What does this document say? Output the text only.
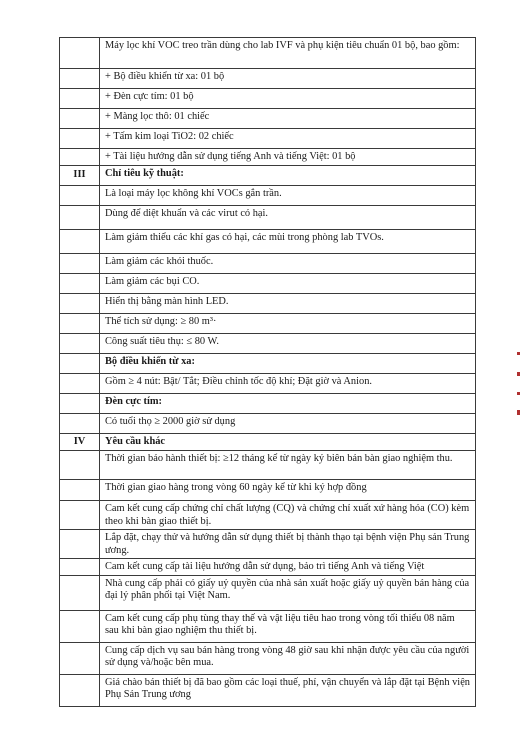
	Máy lọc khí VOC treo trần dùng cho lab IVF và phụ kiện tiêu chuẩn 01 bộ, bao gồm:
	+ Bộ điều khiển từ xa: 01 bộ
	+ Đèn cực tím: 01 bộ
	+ Màng lọc thô: 01 chiếc
	+ Tấm kim loại TiO2: 02 chiếc
	+ Tài liệu hướng dẫn sử dụng tiếng Anh và tiếng Việt: 01 bộ
III	Chỉ tiêu kỹ thuật:
	Là loại máy lọc không khí VOCs gắn trần.
	Dùng để diệt khuẩn và các virut có hại.
	Làm giảm thiểu các khí gas có hại, các mùi trong phòng lab TVOs.
	Làm giảm các khói thuốc.
	Làm giảm các bụi CO.
	Hiển thị bằng màn hình LED.
	Thể tích sử dụng: ≥ 80 m³·
	Công suất tiêu thụ: ≤ 80 W.
	Bộ điều khiển từ xa:
	Gồm ≥ 4 nút: Bật/ Tắt; Điều chỉnh tốc độ khí; Đặt giờ và Anion.
	Đèn cực tím:
	Có tuổi thọ ≥ 2000 giờ sử dụng
IV	Yêu cầu khác
	Thời gian bảo hành thiết bị: ≥12 tháng kể từ ngày ký biên bản bàn giao nghiệm thu.
	Thời gian giao hàng trong vòng 60 ngày kể từ khi ký hợp đồng
	Cam kết cung cấp chứng chỉ chất lượng (CQ) và chứng chỉ xuất xứ hàng hóa (CO) kèm theo khi bàn giao thiết bị.
	Lắp đặt, chạy thử và hướng dẫn sử dụng thiết bị thành thạo tại bệnh viện Phụ sản Trung ương.
	Cam kết cung cấp tài liệu hướng dẫn sử dụng, bảo trì tiếng Anh và tiếng Việt
	Nhà cung cấp phải có giấy uỷ quyền của nhà sản xuất hoặc giấy uỷ quyền bán hàng của đại lý phân phối tại Việt Nam.
	Cam kết cung cấp phụ tùng thay thế và vật liệu tiêu hao trong vòng tối thiểu 08 năm sau khi bàn giao nghiệm thu thiết bị.
	Cung cấp dịch vụ sau bán hàng trong vòng 48 giờ sau khi nhận được yêu cầu của người sử dụng và/hoặc bên mua.
	Giá chào bán thiết bị đã bao gồm các loại thuế, phí, vận chuyển và lắp đặt tại Bệnh viện Phụ Sản Trung ương
